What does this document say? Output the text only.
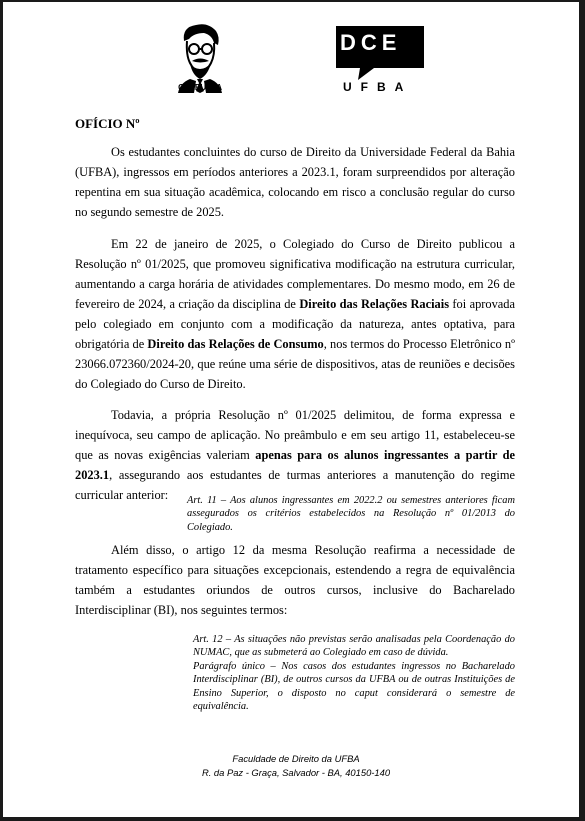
CARBUFBA
DCE
UFBA
OFÍCIO Nº

Os estudantes concluintes do curso de Direito da Universidade Federal da Bahia (UFBA), ingressos em períodos anteriores a 2023.1, foram surpreendidos por alteração repentina em sua situação acadêmica, colocando em risco a conclusão regular do curso no segundo semestre de 2025.

Em 22 de janeiro de 2025, o Colegiado do Curso de Direito publicou a Resolução nº 01/2025, que promoveu significativa modificação na estrutura curricular, aumentando a carga horária de atividades complementares. Do mesmo modo, em 26 de fevereiro de 2024, a criação da disciplina de Direito das Relações Raciais foi aprovada pelo colegiado em conjunto com a modificação da natureza, antes optativa, para obrigatória de Direito das Relações de Consumo, nos termos do Processo Eletrônico nº 23066.072360/2024-20, que reúne uma série de dispositivos, atas de reuniões e decisões do Colegiado do Curso de Direito.

Todavia, a própria Resolução nº 01/2025 delimitou, de forma expressa e inequívoca, seu campo de aplicação. No preâmbulo e em seu artigo 11, estabeleceu-se que as novas exigências valeriam apenas para os alunos ingressantes a partir de 2023.1, assegurando aos estudantes de turmas anteriores a manutenção do regime curricular anterior:	Art. 11 – Aos alunos ingressantes em 2022.2 ou semestres anteriores ficam assegurados os critérios estabelecidos na Resolução nº 01/2013 do Colegiado.

Além disso, o artigo 12 da mesma Resolução reafirma a necessidade de tratamento específico para situações excepcionais, estendendo a regra de equivalência também a estudantes oriundos de outros cursos, inclusive do Bacharelado Interdisciplinar (BI), nos seguintes termos:

Art. 12 – As situações não previstas serão analisadas pela Coordenação do NUMAC, que as submeterá ao Colegiado em caso de dúvida.

Parágrafo único – Nos casos dos estudantes ingressos no Bacharelado Interdisciplinar (BI), de outros cursos da UFBA ou de outras Instituições de Ensino Superior, o disposto no caput considerará o semestre de equivalência.

Faculdade de Direito da UFBA
R. da Paz - Graça, Salvador - BA, 40150-140
